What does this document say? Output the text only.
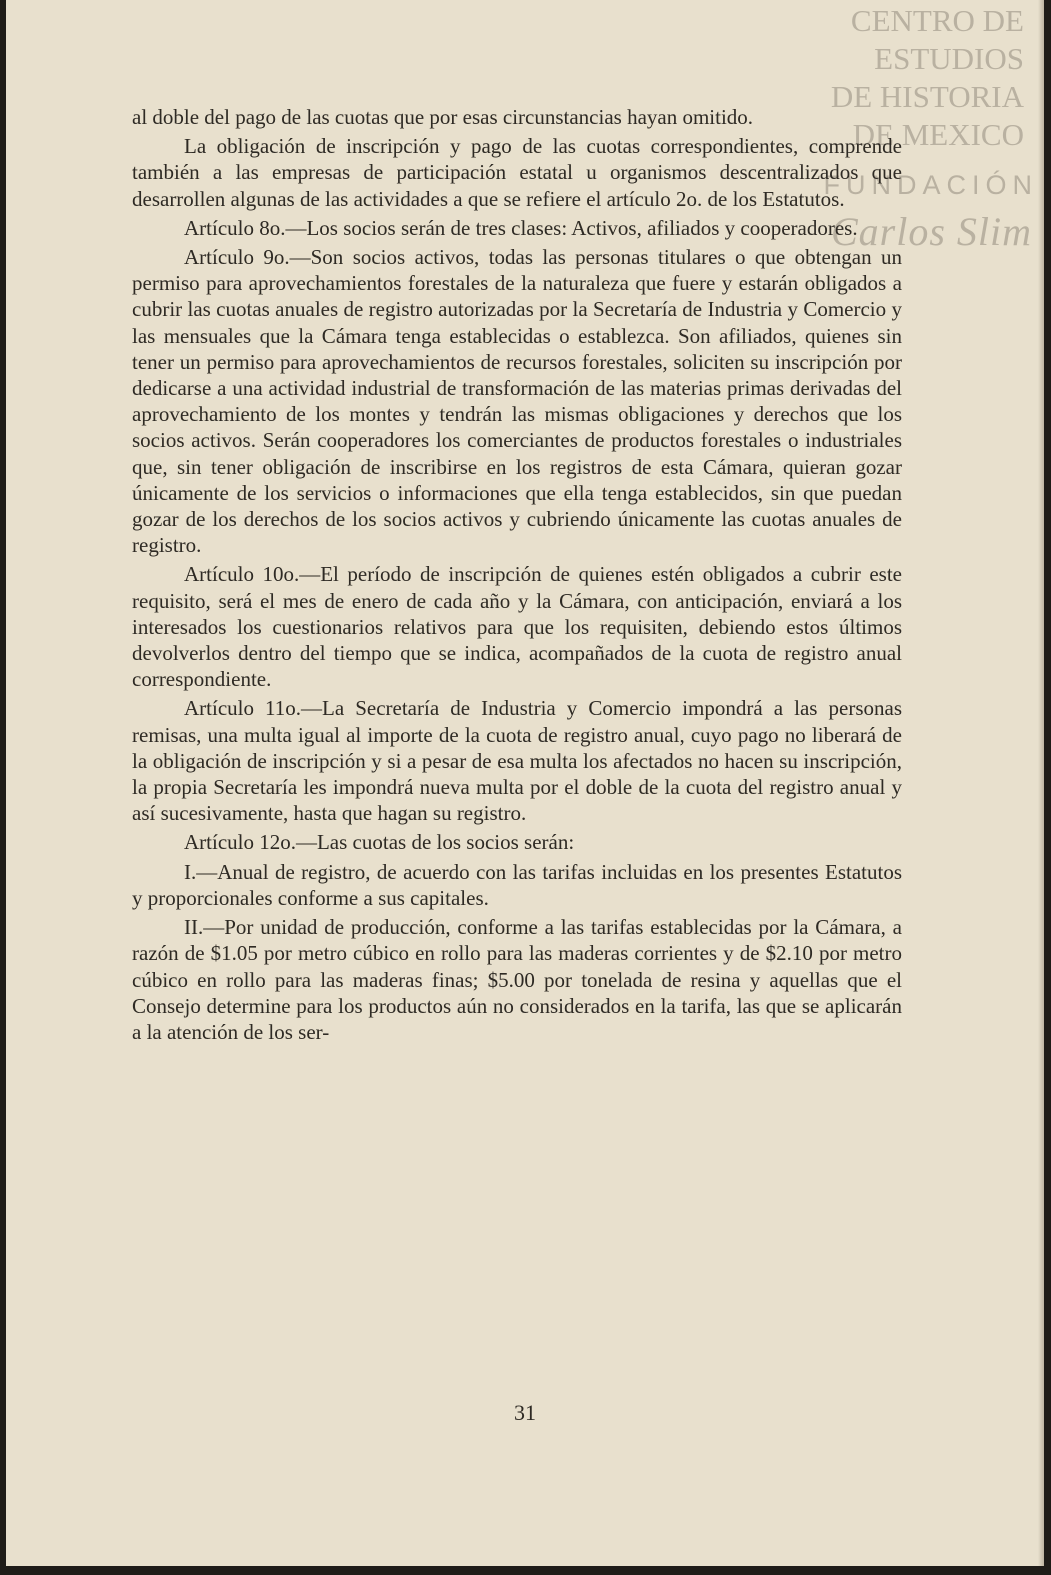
CENTRO DE
ESTUDIOS
DE HISTORIA
DE MEXICO
FUNDACIÓN
Carlos Slim

al doble del pago de las cuotas que por esas circunstancias hayan omitido.

La obligación de inscripción y pago de las cuotas correspondientes, comprende también a las empresas de participación estatal u organismos descentralizados que desarrollen algunas de las actividades a que se refiere el artículo 2o. de los Estatutos.

Artículo 8o.—Los socios serán de tres clases: Activos, afiliados y cooperadores.

Artículo 9o.—Son socios activos, todas las personas titulares o que obtengan un permiso para aprovechamientos forestales de la naturaleza que fuere y estarán obligados a cubrir las cuotas anuales de registro autorizadas por la Secretaría de Industria y Comercio y las mensuales que la Cámara tenga establecidas o establezca. Son afiliados, quienes sin tener un permiso para aprovechamientos de recursos forestales, soliciten su inscripción por dedicarse a una actividad industrial de transformación de las materias primas derivadas del aprovechamiento de los montes y tendrán las mismas obligaciones y derechos que los socios activos. Serán cooperadores los comerciantes de productos forestales o industriales que, sin tener obligación de inscribirse en los registros de esta Cámara, quieran gozar únicamente de los servicios o informaciones que ella tenga establecidos, sin que puedan gozar de los derechos de los socios activos y cubriendo únicamente las cuotas anuales de registro.

Artículo 10o.—El período de inscripción de quienes estén obligados a cubrir este requisito, será el mes de enero de cada año y la Cámara, con anticipación, enviará a los interesados los cuestionarios relativos para que los requisiten, debiendo estos últimos devolverlos dentro del tiempo que se indica, acompañados de la cuota de registro anual correspondiente.

Artículo 11o.—La Secretaría de Industria y Comercio impondrá a las personas remisas, una multa igual al importe de la cuota de registro anual, cuyo pago no liberará de la obligación de inscripción y si a pesar de esa multa los afectados no hacen su inscripción, la propia Secretaría les impondrá nueva multa por el doble de la cuota del registro anual y así sucesivamente, hasta que hagan su registro.

Artículo 12o.—Las cuotas de los socios serán:

I.—Anual de registro, de acuerdo con las tarifas incluidas en los presentes Estatutos y proporcionales conforme a sus capitales.

II.—Por unidad de producción, conforme a las tarifas establecidas por la Cámara, a razón de $1.05 por metro cúbico en rollo para las maderas corrientes y de $2.10 por metro cúbico en rollo para las maderas finas; $5.00 por tonelada de resina y aquellas que el Consejo determine para los productos aún no considerados en la tarifa, las que se aplicarán a la atención de los ser-

31
